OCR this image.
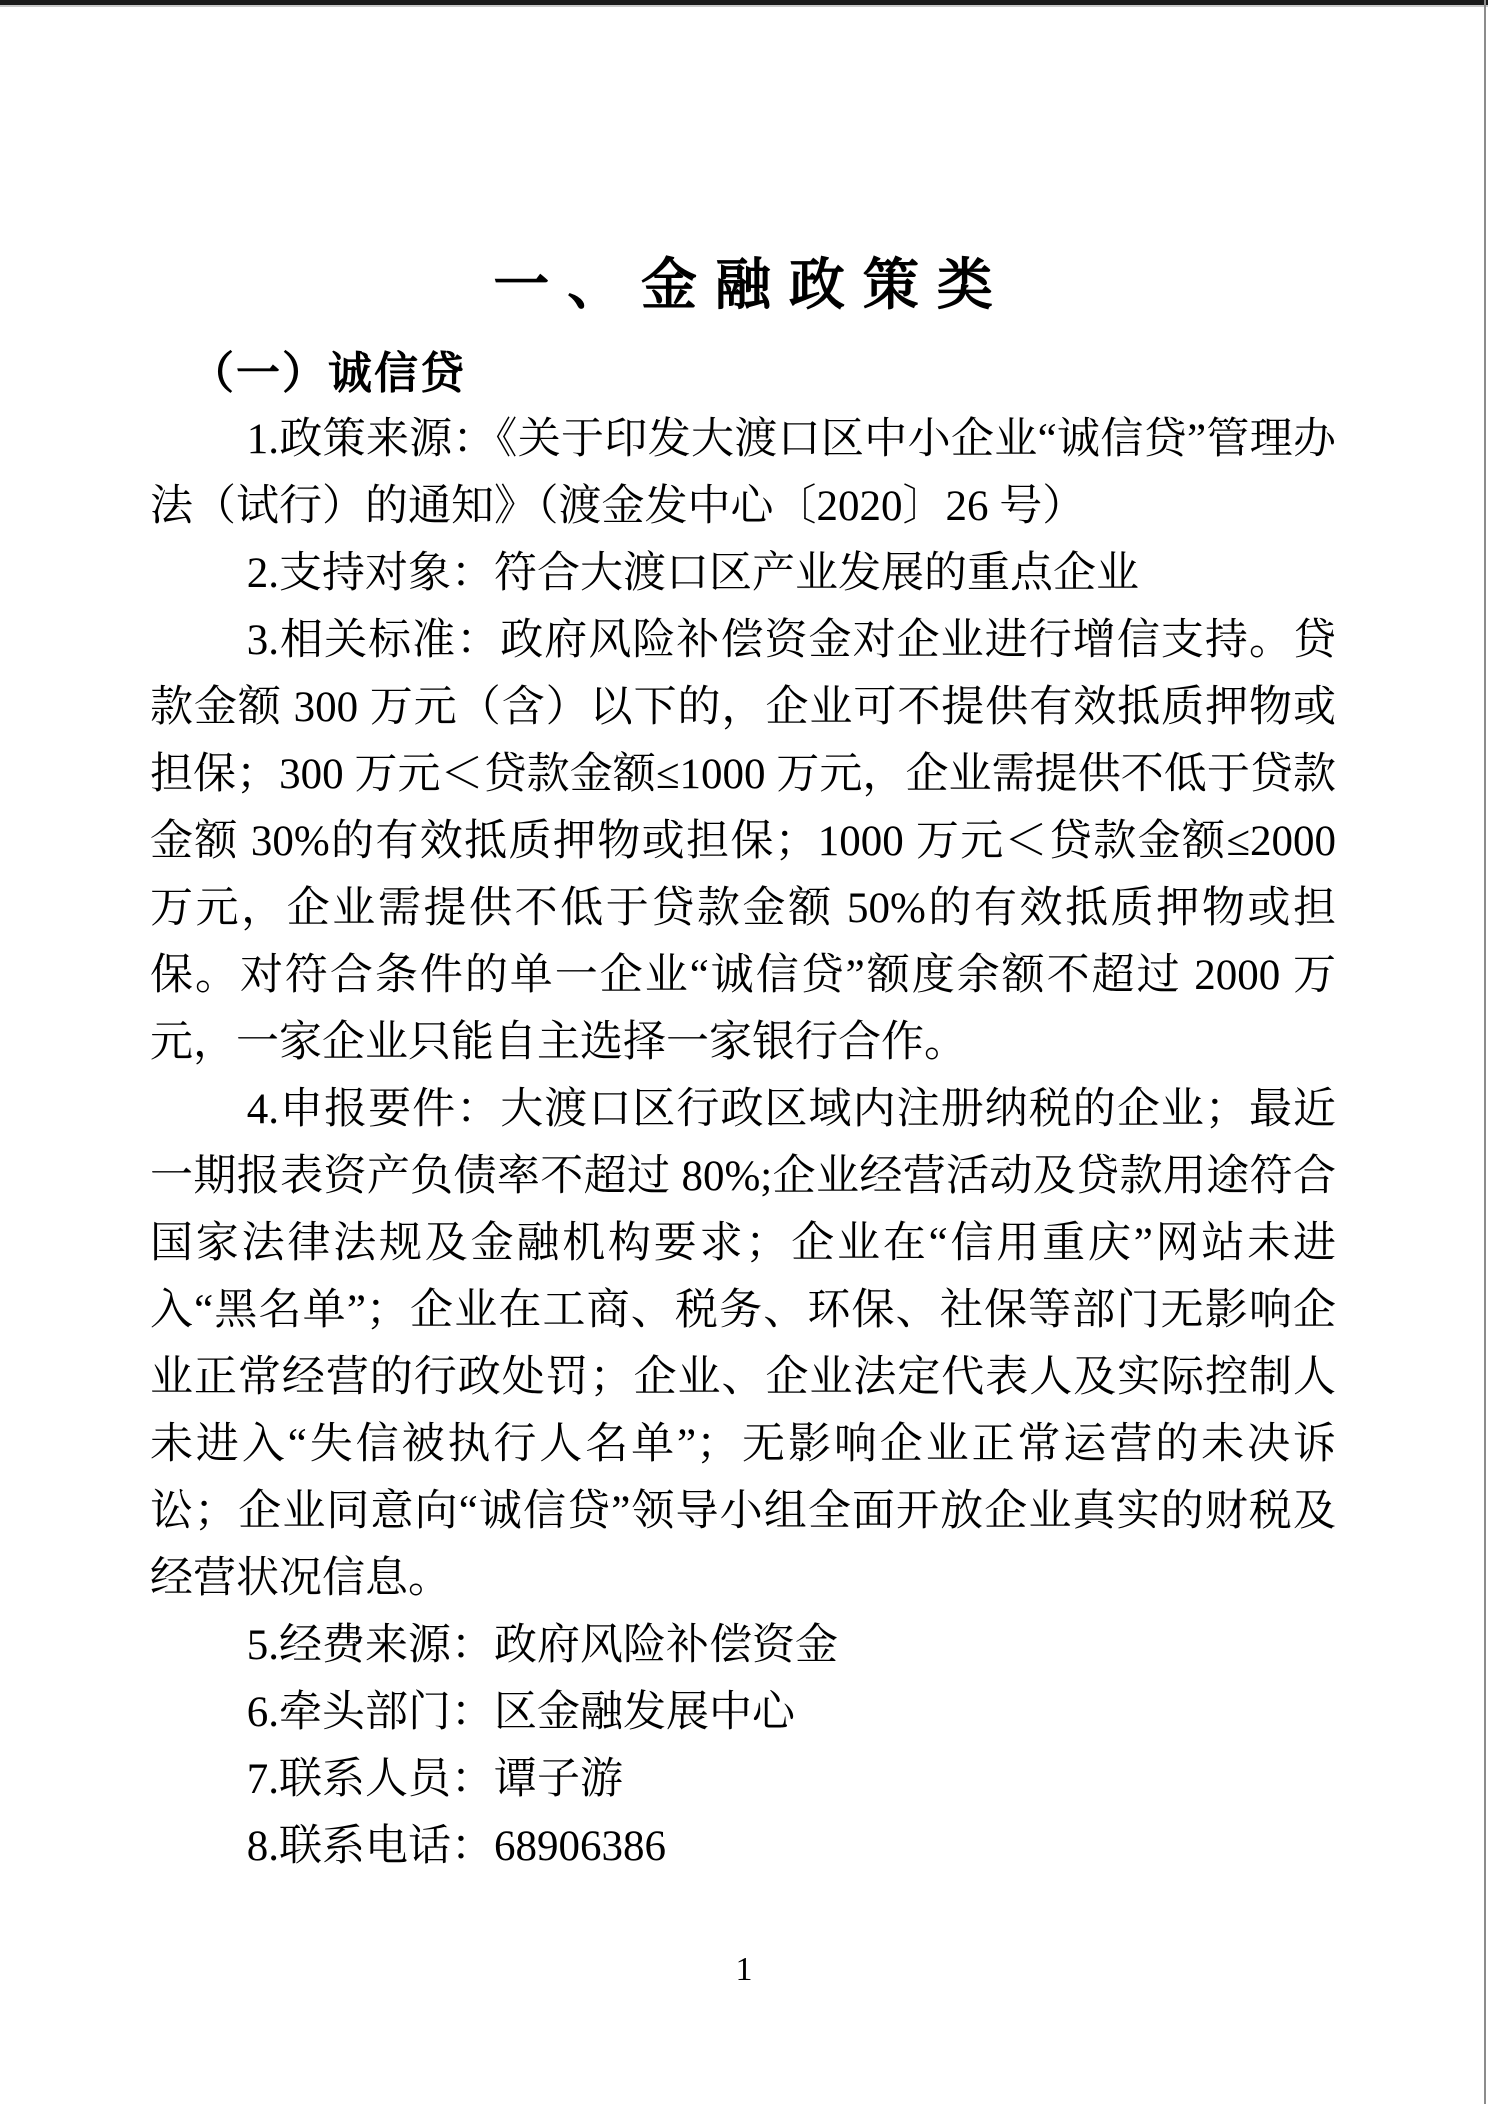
一、金融政策类
（一）诚信贷

1.政策来源：《关于印发大渡口区中小企业“诚信贷”管理办法（试行）的通知》（渡金发中心〔2020〕26 号）

2.支持对象：符合大渡口区产业发展的重点企业

3.相关标准：政府风险补偿资金对企业进行增信支持。贷款金额 300 万元（含）以下的，企业可不提供有效抵质押物或担保；300 万元＜贷款金额≤1000 万元，企业需提供不低于贷款金额 30%的有效抵质押物或担保；1000 万元＜贷款金额≤2000 万元，企业需提供不低于贷款金额 50%的有效抵质押物或担保。对符合条件的单一企业“诚信贷”额度余额不超过 2000 万元，一家企业只能自主选择一家银行合作。

4.申报要件：大渡口区行政区域内注册纳税的企业；最近一期报表资产负债率不超过 80%;企业经营活动及贷款用途符合国家法律法规及金融机构要求；企业在“信用重庆”网站未进入“黑名单”；企业在工商、税务、环保、社保等部门无影响企业正常经营的行政处罚；企业、企业法定代表人及实际控制人未进入“失信被执行人名单”；无影响企业正常运营的未决诉讼；企业同意向“诚信贷”领导小组全面开放企业真实的财税及经营状况信息。

5.经费来源：政府风险补偿资金

6.牵头部门：区金融发展中心

7.联系人员：谭子游

8.联系电话：68906386

1
